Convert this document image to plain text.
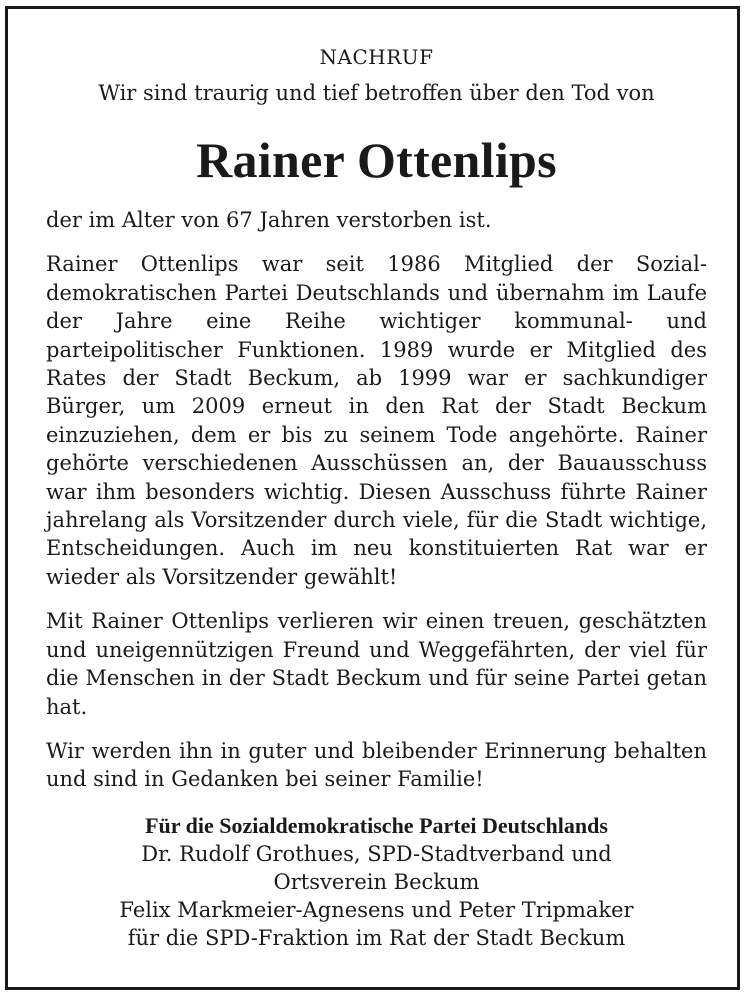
NACHRUF
Wir sind traurig und tief betroffen über den Tod von
Rainer Ottenlips

der im Alter von 67 Jahren verstorben ist.

Rainer Ottenlips war seit 1986 Mitglied der Sozialdemokratischen Partei Deutschlands und übernahm im Laufe der Jahre eine Reihe wichtiger kommunal- und parteipolitischer Funktionen. 1989 wurde er Mitglied des Rates der Stadt Beckum, ab 1999 war er sachkundiger Bürger, um 2009 erneut in den Rat der Stadt Beckum einzuziehen, dem er bis zu seinem Tode angehörte. Rainer gehörte verschiedenen Ausschüssen an, der Bauausschuss war ihm besonders wichtig. Diesen Ausschuss führte Rainer jahrelang als Vorsitzender durch viele, für die Stadt wichtige, Entscheidungen. Auch im neu konstituierten Rat war er wieder als Vorsitzender gewählt!

Mit Rainer Ottenlips verlieren wir einen treuen, geschätzten und uneigennützigen Freund und Weggefährten, der viel für die Menschen in der Stadt Beckum und für seine Partei getan hat.

Wir werden ihn in guter und bleibender Erinnerung behalten und sind in Gedanken bei seiner Familie!

Für die Sozialdemokratische Partei Deutschlands
Dr. Rudolf Grothues, SPD-Stadtverband und
Ortsverein Beckum
Felix Markmeier-Agnesens und Peter Tripmaker
für die SPD-Fraktion im Rat der Stadt Beckum
